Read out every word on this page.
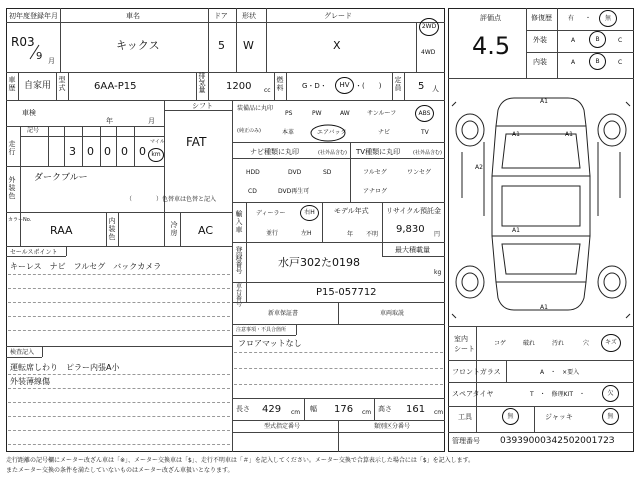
初年度登録年月
R03
9 月
車名
キックス
ドア
5
形状
W
グレード
X
2WD
4WD
車
歴 自家用
型
式	6AA-P15
排
気
量 1200 cc
燃
料	G・D・ HV ・(　　)
定
員 5 人
車検
年	月
走
行
記号
3 0 0 0 0
マイル
km
シフト
FAT
外
装
色
ダークブルー
（　　　　）色替車は色替と記入
カラーNo.
RAA
内
装
色
冷
房 AC
セールスポイント
キーレス　ナビ　フルセグ　バックカメラ
検査記入
運転席しわり　ピラー内張A小
外装薄線傷
装備品に丸印
(純正のみ)
PS	PW	AW	サンルーフ	ABS
本革	エアバック	ナビ	TV
ナビ種類に丸印	(社外品含む) TV種類に丸印	(社外品含む)
HDD	DVD	SD
CD	DVD再生可
フルセグ	ワンセグ
アナログ
輸
入
車
ディーラー	右H
並行	左H
モデル年式
年 不明
リサイクル預託金
9,830 円
登
録
番
号
水戸302た0198
最大積載量
kg
車
台
番
号
P15-057712
新車保証書	車両取説
注意事項・不具合箇所
フロアマットなし
長さ 429 cm 幅 176 cm 高さ 161 cm
型式指定番号	類別区分番号
評価点
4.5
修復歴	有 ・ 無
外装	A	B	C
内装	A	B	C
A1
A1	A1
A2
A1
A1
室内
シート
コゲ	破れ	汚れ	穴	キズ
フロントガラス	A　・　×要入
スペアタイヤ	T　・　修理KIT　・	欠
工具	無	ジャッキ	無
管理番号 0393900034250200172З
走行距離の記号欄にメーター改ざん車は「※」、メーター交換車は「$」、走行不明車は「＃」を記入してください。メーター交換で合算表示した場合には「$」を記入します。
またメーター交換の条件を満たしていないものはメーター改ざん車扱いとなります。
